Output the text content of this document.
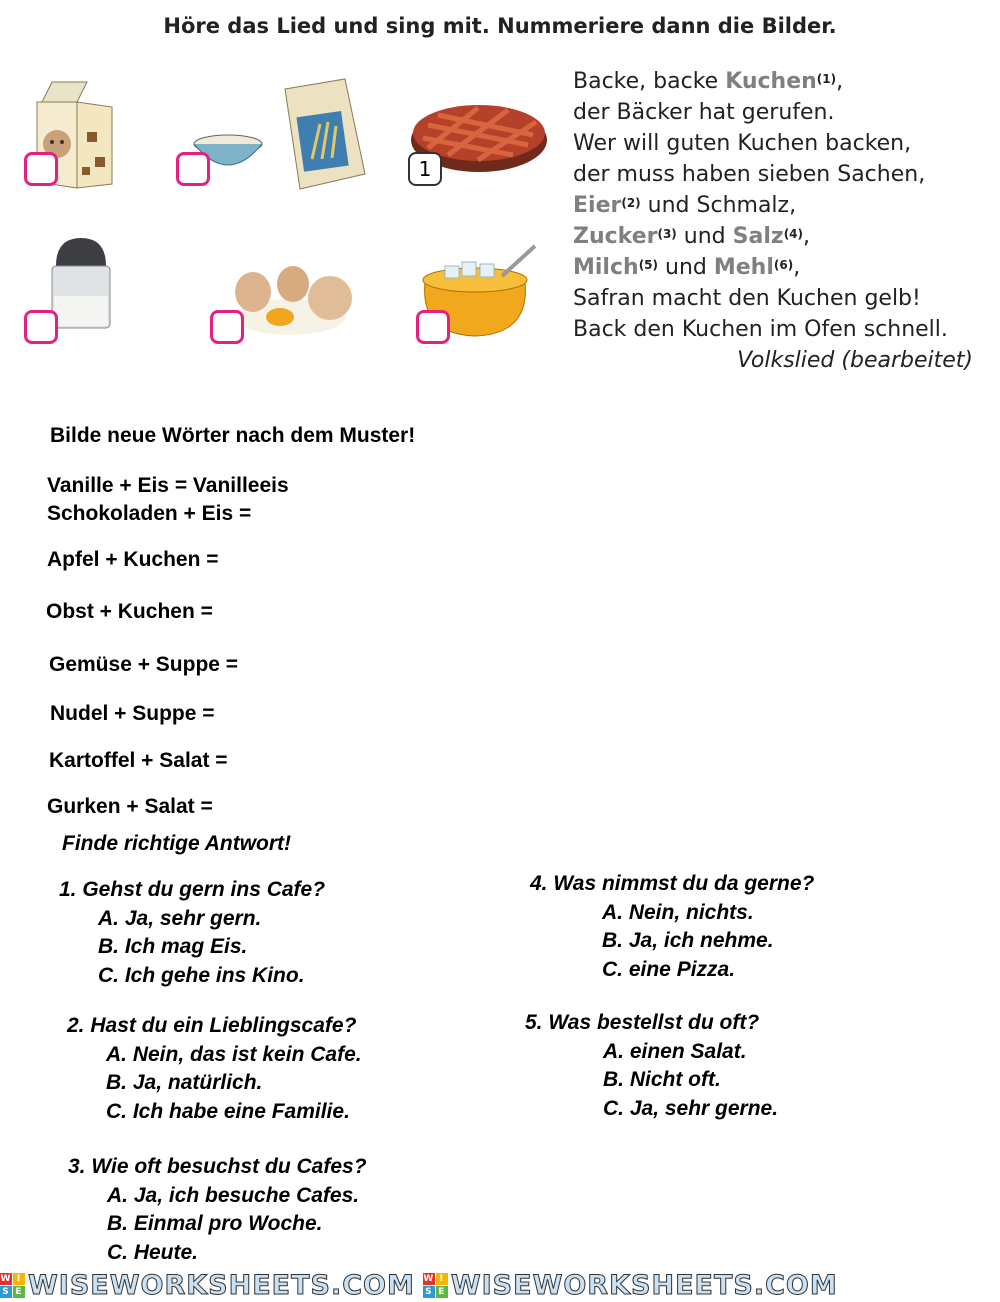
Höre das Lied und sing mit. Nummeriere dann die Bilder.
1
Backe, backe Kuchen$^{(1)}$,
der Bäcker hat gerufen.
Wer will guten Kuchen backen,
der muss haben sieben Sachen,
Eier$^{(2)}$ und Schmalz,
Zucker$^{(3)}$ und Salz$^{(4)}$,
Milch$^{(5)}$ und Mehl$^{(6)}$,
Safran macht den Kuchen gelb!
Back den Kuchen im Ofen schnell.
Volkslied (bearbeitet)
Bilde neue Wörter nach dem Muster!
Vanille + Eis = Vanilleeis
Schokoladen + Eis =
Apfel + Kuchen =
Obst + Kuchen =
Gemüse + Suppe =
Nudel + Suppe =
Kartoffel + Salat =
Gurken + Salat =
Finde richtige Antwort!
1. Gehst du gern ins Cafe?
A. Ja, sehr gern.
B. Ich mag Eis.
C. Ich gehe ins Kino.
2. Hast du ein Lieblingscafe?
A. Nein, das ist kein Cafe.
B. Ja, natürlich.
C. Ich habe eine Familie.
3. Wie oft besuchst du Cafes?
A. Ja, ich besuche Cafes.
B. Einmal pro Woche.
C. Heute.
4. Was nimmst du da gerne?
A. Nein, nichts.
B. Ja, ich nehme.
C. eine Pizza.
5. Was bestellst du oft?
A. einen Salat.
B. Nicht oft.
C. Ja, sehr gerne.
W I
S E WISEWORKSHEETS.COM W I
S E WISEWORKSHEETS.COM
